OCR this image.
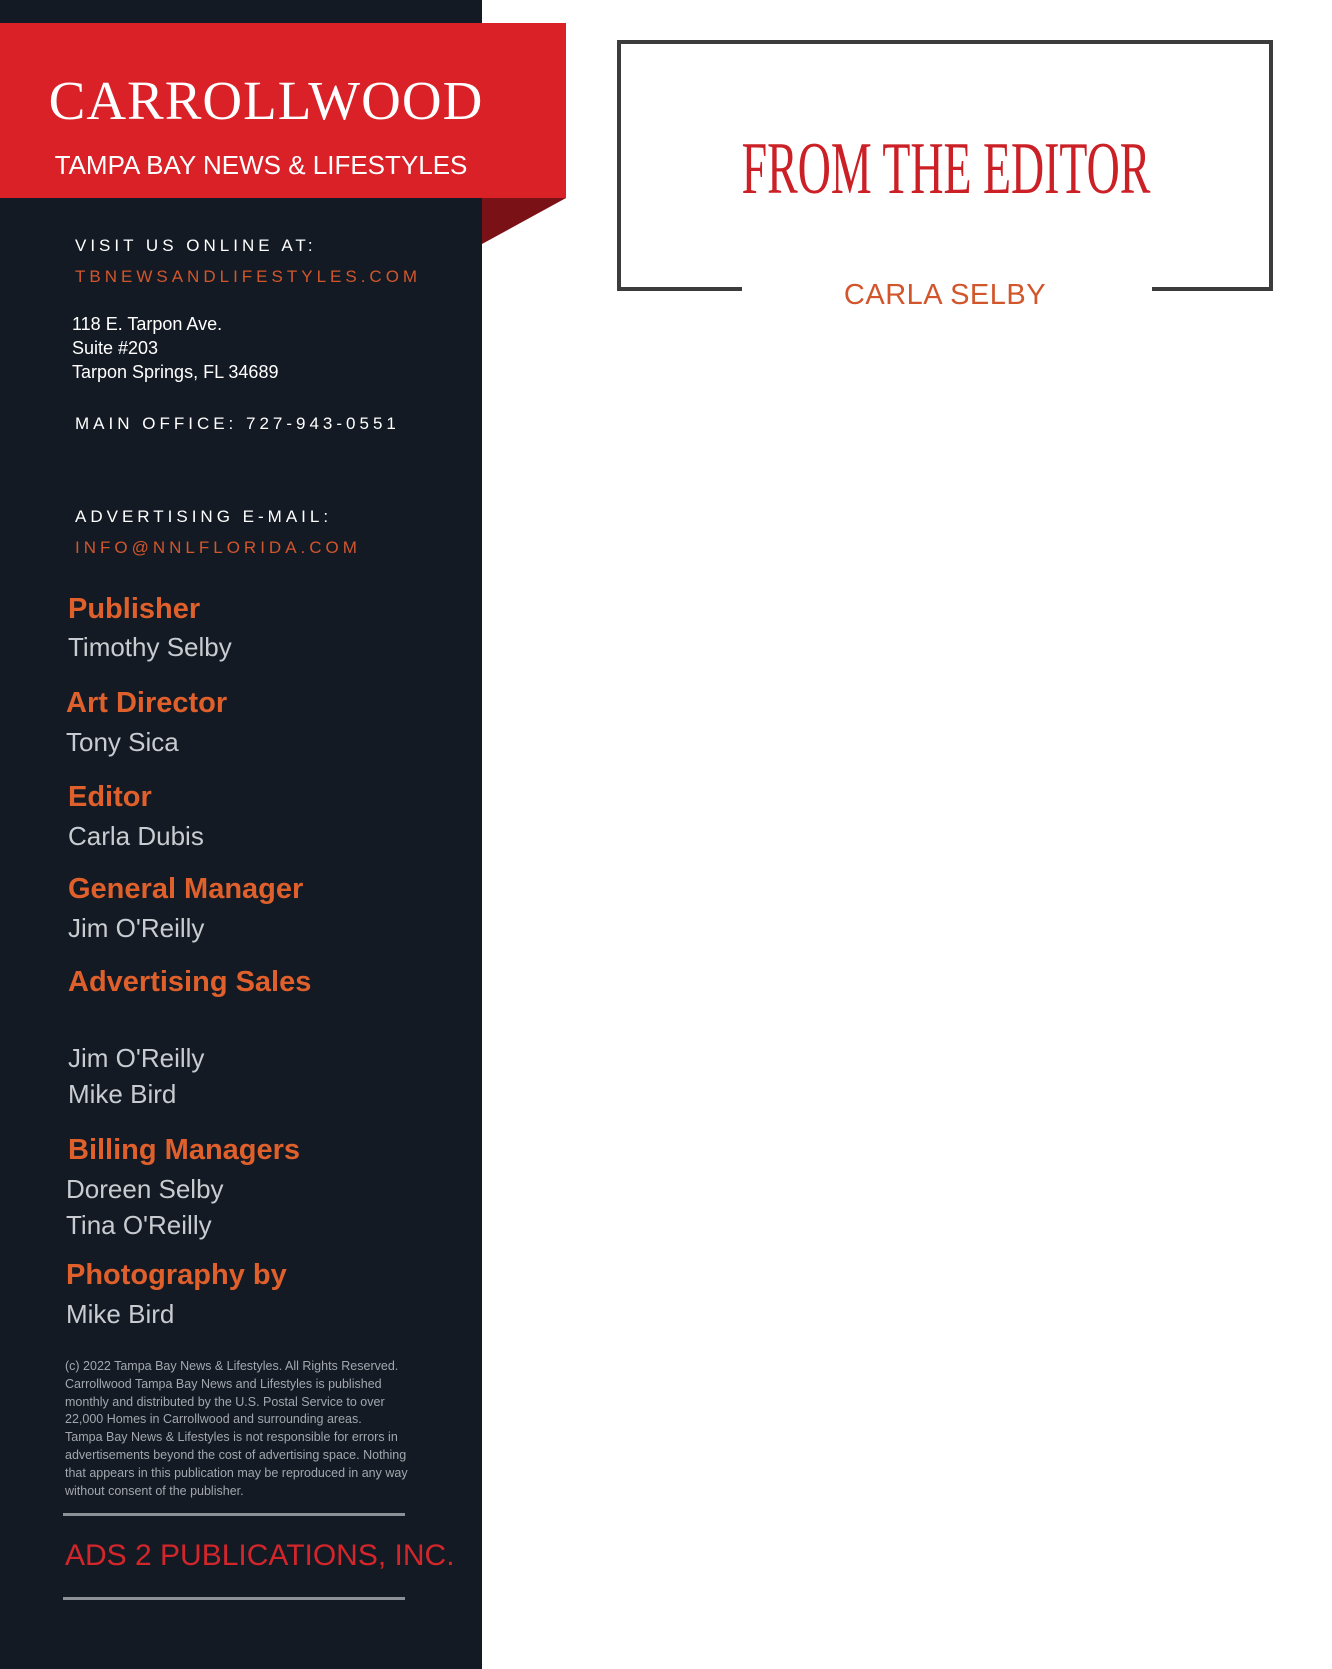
VISIT US ONLINE AT:
TBNEWSANDLIFESTYLES.COM
118 E. Tarpon Ave.
Suite #203
Tarpon Springs, FL 34689
MAIN OFFICE: 727-943-0551
ADVERTISING E-MAIL:
INFO@NNLFLORIDA.COM
Publisher
Timothy Selby
Art Director
Tony Sica
Editor
Carla Dubis
General Manager
Jim O'Reilly
Advertising Sales
Jim O'Reilly
Mike Bird
Billing Managers
Doreen Selby
Tina O'Reilly
Photography by
Mike Bird
(c) 2022 Tampa Bay News & Lifestyles. All Rights Reserved.
Carrollwood Tampa Bay News and Lifestyles is published
monthly and distributed by the U.S. Postal Service to over
22,000 Homes in Carrollwood and surrounding areas.
Tampa Bay News & Lifestyles is not responsible for errors in
advertisements beyond the cost of advertising space. Nothing
that appears in this publication may be reproduced in any way
without consent of the publisher.
ADS 2 PUBLICATIONS, INC.
CARROLLWOOD
TAMPA BAY NEWS & LIFESTYLES	FROM THE EDITOR
CARLA SELBY
